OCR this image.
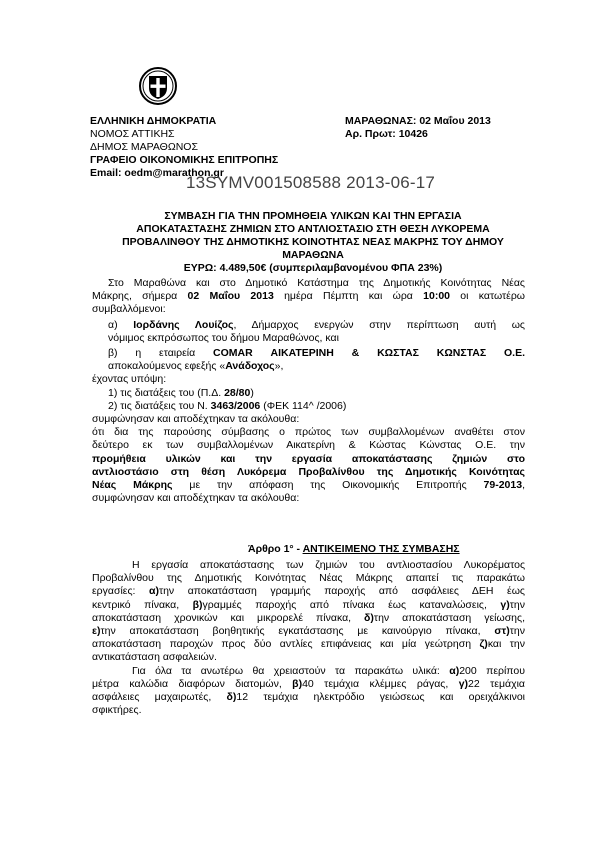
ΕΛΛΗΝΙΚΗ ΔΗΜΟΚΡΑΤΙΑ
ΝΟΜΟΣ ΑΤΤΙΚΗΣ
ΔΗΜΟΣ ΜΑΡΑΘΩΝΟΣ
ΓΡΑΦΕΙΟ ΟΙΚΟΝΟΜΙΚΗΣ ΕΠΙΤΡΟΠΗΣ
Email: oedm@marathon.gr
ΜΑΡΑΘΩΝΑΣ: 02 Μαΐου 2013
Αρ. Πρωτ: 10426
13SYMV001508588 2013-06-17
ΣΥΜΒΑΣΗ ΓΙΑ ΤΗΝ ΠΡΟΜΗΘΕΙΑ ΥΛΙΚΩΝ ΚΑΙ ΤΗΝ ΕΡΓΑΣΙΑ
ΑΠΟΚΑΤΑΣΤΑΣΗΣ ΖΗΜΙΩΝ ΣΤΟ ΑΝΤΛΙΟΣΤΑΣΙΟ ΣΤΗ ΘΕΣΗ ΛΥΚΟΡΕΜΑ
ΠΡΟΒΑΛΙΝΘΟΥ ΤΗΣ ΔΗΜΟΤΙΚΗΣ ΚΟΙΝΟΤΗΤΑΣ ΝΕΑΣ ΜΑΚΡΗΣ ΤΟΥ ΔΗΜΟΥ
ΜΑΡΑΘΩΝΑ
ΕΥΡΩ: 4.489,50€ (συμπεριλαμβανομένου ΦΠΑ 23%)
Στο Μαραθώνα και στο Δημοτικό Κατάστημα της Δημοτικής Κοινότητας Νέας
Μάκρης, σήμερα 02 Μαΐου 2013 ημέρα Πέμπτη και ώρα 10:00 οι κατωτέρω
συμβαλλόμενοι:
α) Ιορδάνης Λουίζος, Δήμαρχος ενεργών στην περίπτωση αυτή ως
νόμιμος εκπρόσωπος του δήμου Μαραθώνος, και
β) η εταιρεία COMAR ΑΙΚΑΤΕΡΙΝΗ & ΚΩΣΤΑΣ ΚΩΝΣΤΑΣ Ο.Ε.
αποκαλούμενος εφεξής «Ανάδοχος»,
έχοντας υπόψη:
1) τις διατάξεις του (Π.Δ. 28/80)
2) τις διατάξεις του Ν. 3463/2006 (ΦΕΚ 114^ /2006)
συμφώνησαν και αποδέχτηκαν τα ακόλουθα:
ότι δια της παρούσης σύμβασης ο πρώτος των συμβαλλομένων αναθέτει στον
δεύτερο εκ των συμβαλλομένων Αικατερίνη & Κώστας Κώνστας Ο.Ε. την
προμήθεια υλικών και την εργασία αποκατάστασης ζημιών στο
αντλιοστάσιο στη θέση Λυκόρεμα Προβαλίνθου της Δημοτικής Κοινότητας
Νέας Μάκρης με την απόφαση της Οικονομικής Επιτροπής 79-2013,
συμφώνησαν και αποδέχτηκαν τα ακόλουθα:
Άρθρο 1° - ΑΝΤΙΚΕΙΜΕΝΟ ΤΗΣ ΣΥΜΒΑΣΗΣ
Η εργασία αποκατάστασης των ζημιών του αντλιοστασίου Λυκορέματος
Προβαλίνθου της Δημοτικής Κοινότητας Νέας Μάκρης απαιτεί τις παρακάτω
εργασίες: α)την αποκατάσταση γραμμής παροχής από ασφάλειες ΔΕΗ έως
κεντρικό πίνακα, β)γραμμές παροχής από πίνακα έως καταναλώσεις, γ)την
αποκατάσταση χρονικών και μικρορελέ πίνακα, δ)την αποκατάσταση γείωσης,
ε)την αποκατάσταση βοηθητικής εγκατάστασης με καινούργιο πίνακα, στ)την
αποκατάσταση παροχών προς δύο αντλίες επιφάνειας και μία γεώτρηση ζ)και την
αντικατάσταση ασφαλειών.
Για όλα τα ανωτέρω θα χρειαστούν τα παρακάτω υλικά: α)200 περίπου
μέτρα καλώδια διαφόρων διατομών, β)40 τεμάχια κλέμμες ράγας, γ)22 τεμάχια
ασφάλειες μαχαιρωτές, δ)12 τεμάχια ηλεκτρόδιο γειώσεως και ορειχάλκινοι
σφικτήρες.
